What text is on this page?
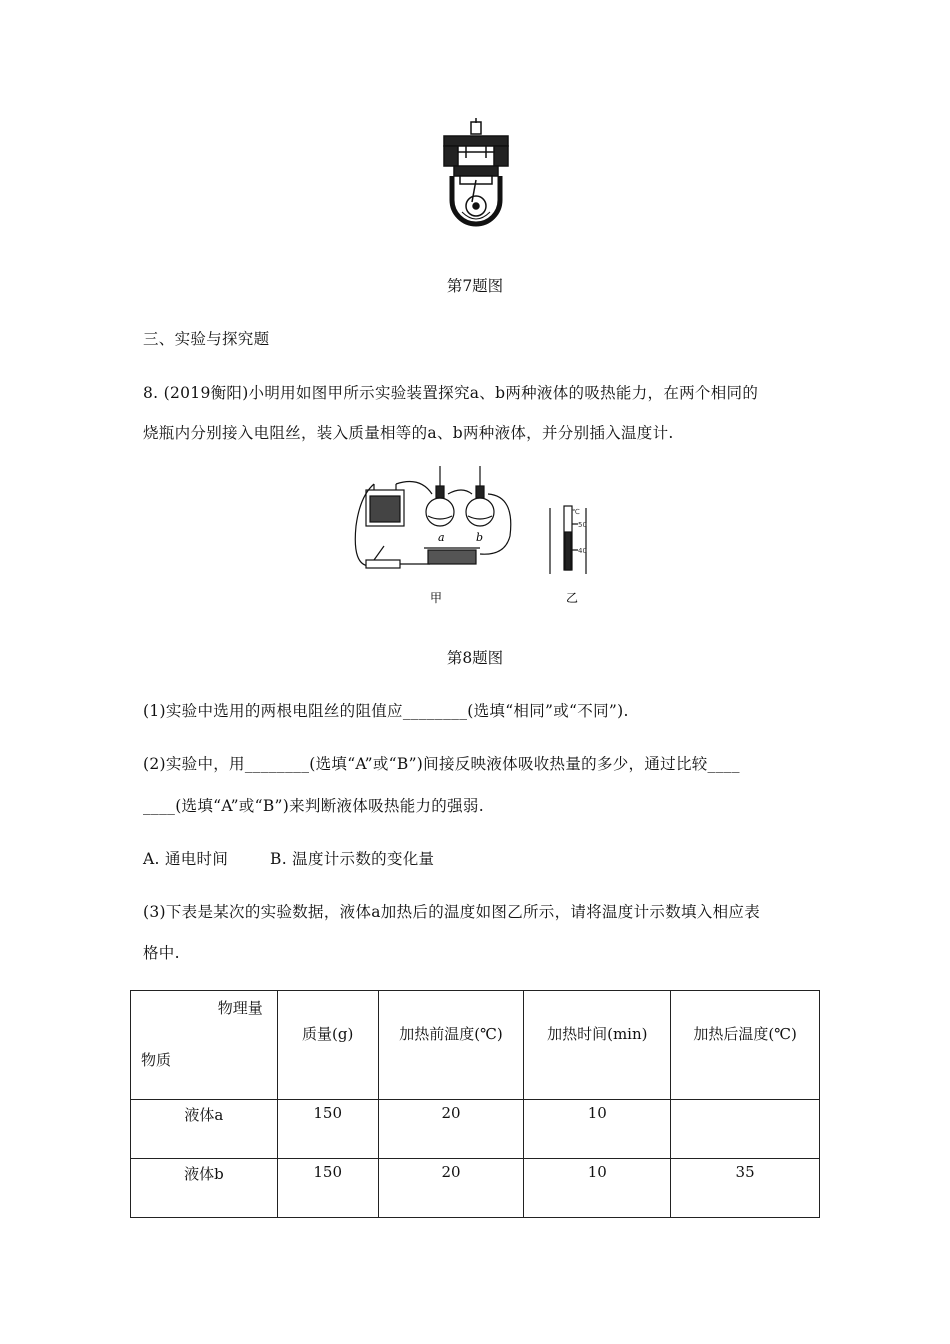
第7题图
三、实验与探究题
8. (2019衡阳)小明用如图甲所示实验装置探究a、b两种液体的吸热能力，在两个相同的
烧瓶内分别接入电阻丝，装入质量相等的a、b两种液体，并分别插入温度计.
a	b
℃
50
40
甲	乙
第8题图
(1)实验中选用的两根电阻丝的阻值应________(选填“相同”或“不同”).
(2)实验中，用________(选填“A”或“B”)间接反映液体吸收热量的多少，通过比较____
____(选填“A”或“B”)来判断液体吸热能力的强弱.
A. 通电时间	B. 温度计示数的变化量
(3)下表是某次的实验数据，液体a加热后的温度如图乙所示，请将温度计示数填入相应表
格中.
物理量
物质	质量(g)	加热前温度(℃)	加热时间(min)	加热后温度(℃)
液体a	150	20	10	
液体b	150	20	10	35
